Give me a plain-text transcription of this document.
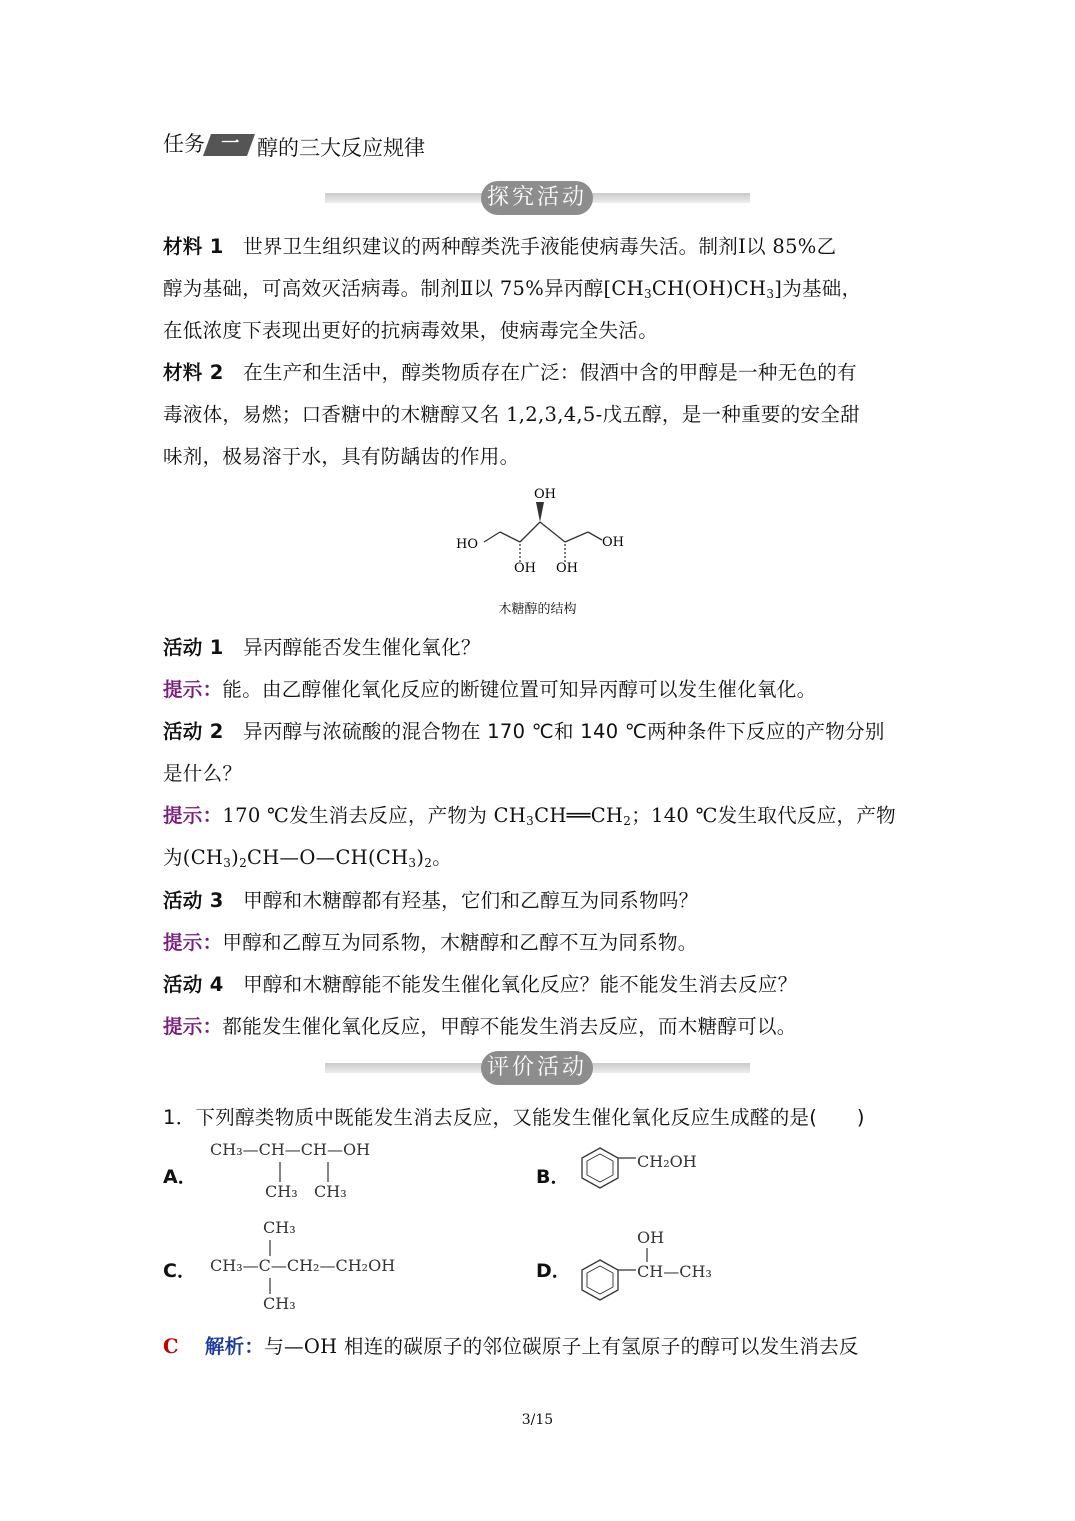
任务 一 醇的三大反应规律
探究活动
材料 1 世界卫生组织建议的两种醇类洗手液能使病毒失活。制剂Ⅰ以 85%乙
醇为基础，可高效灭活病毒。制剂Ⅱ以 75%异丙醇$[CH_3CH(OH)CH_3]$为基础，
在低浓度下表现出更好的抗病毒效果，使病毒完全失活。
材料 2 在生产和生活中，醇类物质存在广泛：假酒中含的甲醇是一种无色的有
毒液体，易燃；口香糖中的木糖醇又名 1,2,3,4,5-戊五醇，是一种重要的安全甜
味剂，极易溶于水，具有防龋齿的作用。
OH
HO	OH
OH OH
木糖醇的结构
活动 1 异丙醇能否发生催化氧化？
提示：能。由乙醇催化氧化反应的断键位置可知异丙醇可以发生催化氧化。
活动 2 异丙醇与浓硫酸的混合物在 170 ℃和 140 ℃两种条件下反应的产物分别
是什么？
提示：170 ℃发生消去反应，产物为 $CH_3CH══CH_2$；140 ℃发生取代反应，产物
为$(CH_3)_2CH—O—CH(CH_3)_2$。
活动 3 甲醇和木糖醇都有羟基，它们和乙醇互为同系物吗？
提示：甲醇和乙醇互为同系物，木糖醇和乙醇不互为同系物。
活动 4 甲醇和木糖醇能不能发生催化氧化反应？能不能发生消去反应？
提示：都能发生催化氧化反应，甲醇不能发生消去反应，而木糖醇可以。
评价活动
1．下列醇类物质中既能发生消去反应，又能发生催化氧化反应生成醛的是(　　)
A．
CH₃—CH—CH—OH
CH₃ CH₃
B．
CH₂OH
C．
CH₃
CH₃—C—CH₂—CH₂OH
CH₃
D．
OH
CH—CH₃
C 解析：与—OH 相连的碳原子的邻位碳原子上有氢原子的醇可以发生消去反
3/15
